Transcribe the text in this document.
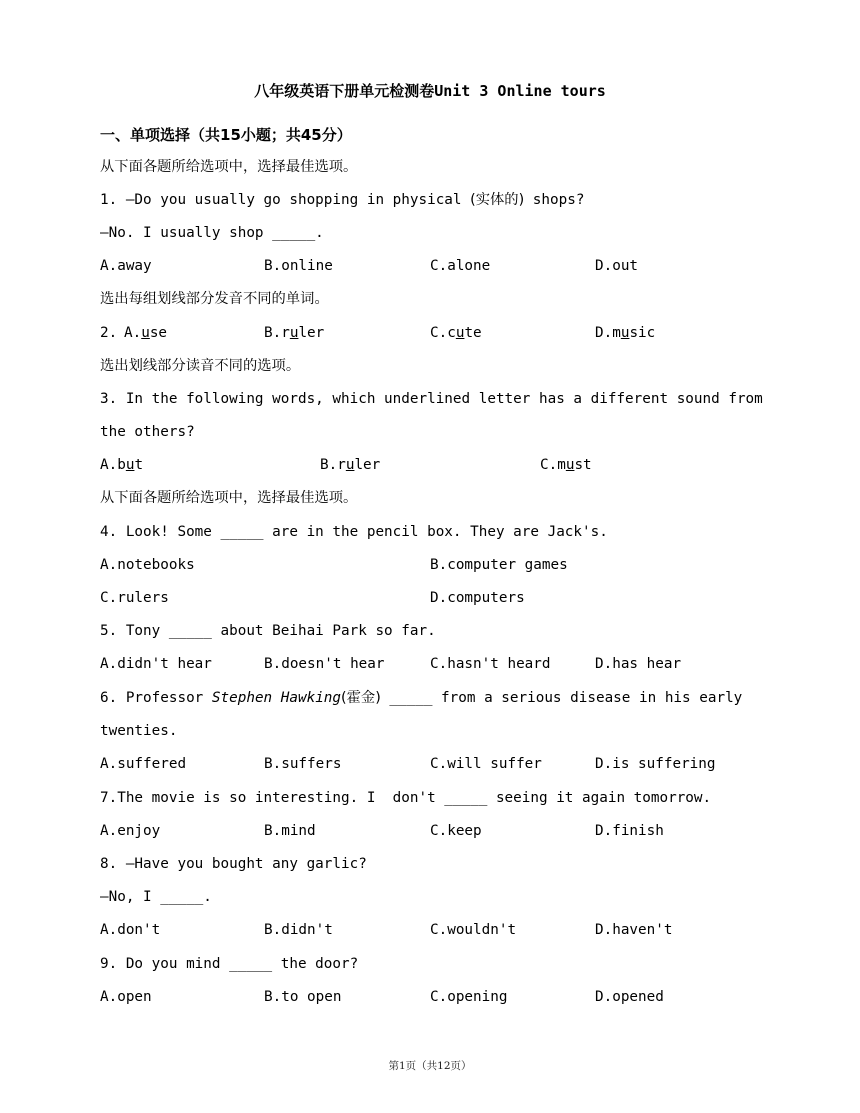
八年级英语下册单元检测卷Unit 3 Online tours
一、单项选择（共15小题；共45分）
从下面各题所给选项中，选择最佳选项。
1. —Do you usually go shopping in physical (实体的) shops?
—No. I usually shop _____.
A.away	B.online	C.alone	D.out
选出每组划线部分发音不同的单词。
2.
A.use	B.ruler	C.cute	D.music
选出划线部分读音不同的选项。
3. In the following words, which underlined letter has a different sound from
the others?
A.but	B.ruler	C.must
从下面各题所给选项中，选择最佳选项。
4. Look! Some _____ are in the pencil box. They are Jack's.
A.notebooks	B.computer games
C.rulers	D.computers
5. Tony _____ about Beihai Park so far.
A.didn't hear	B.doesn't hear	C.hasn't heard	D.has hear
6. Professor Stephen Hawking(霍金) _____ from a serious disease in his early
twenties.
A.suffered	B.suffers	C.will suffer	D.is suffering
7.The movie is so interesting. I  don't _____ seeing it again tomorrow.
A.enjoy	B.mind	C.keep	D.finish
8. —Have you bought any garlic?
—No, I _____.
A.don't	B.didn't	C.wouldn't	D.haven't
9. Do you mind _____ the door?
A.open	B.to open	C.opening	D.opened
第1页（共12页）
